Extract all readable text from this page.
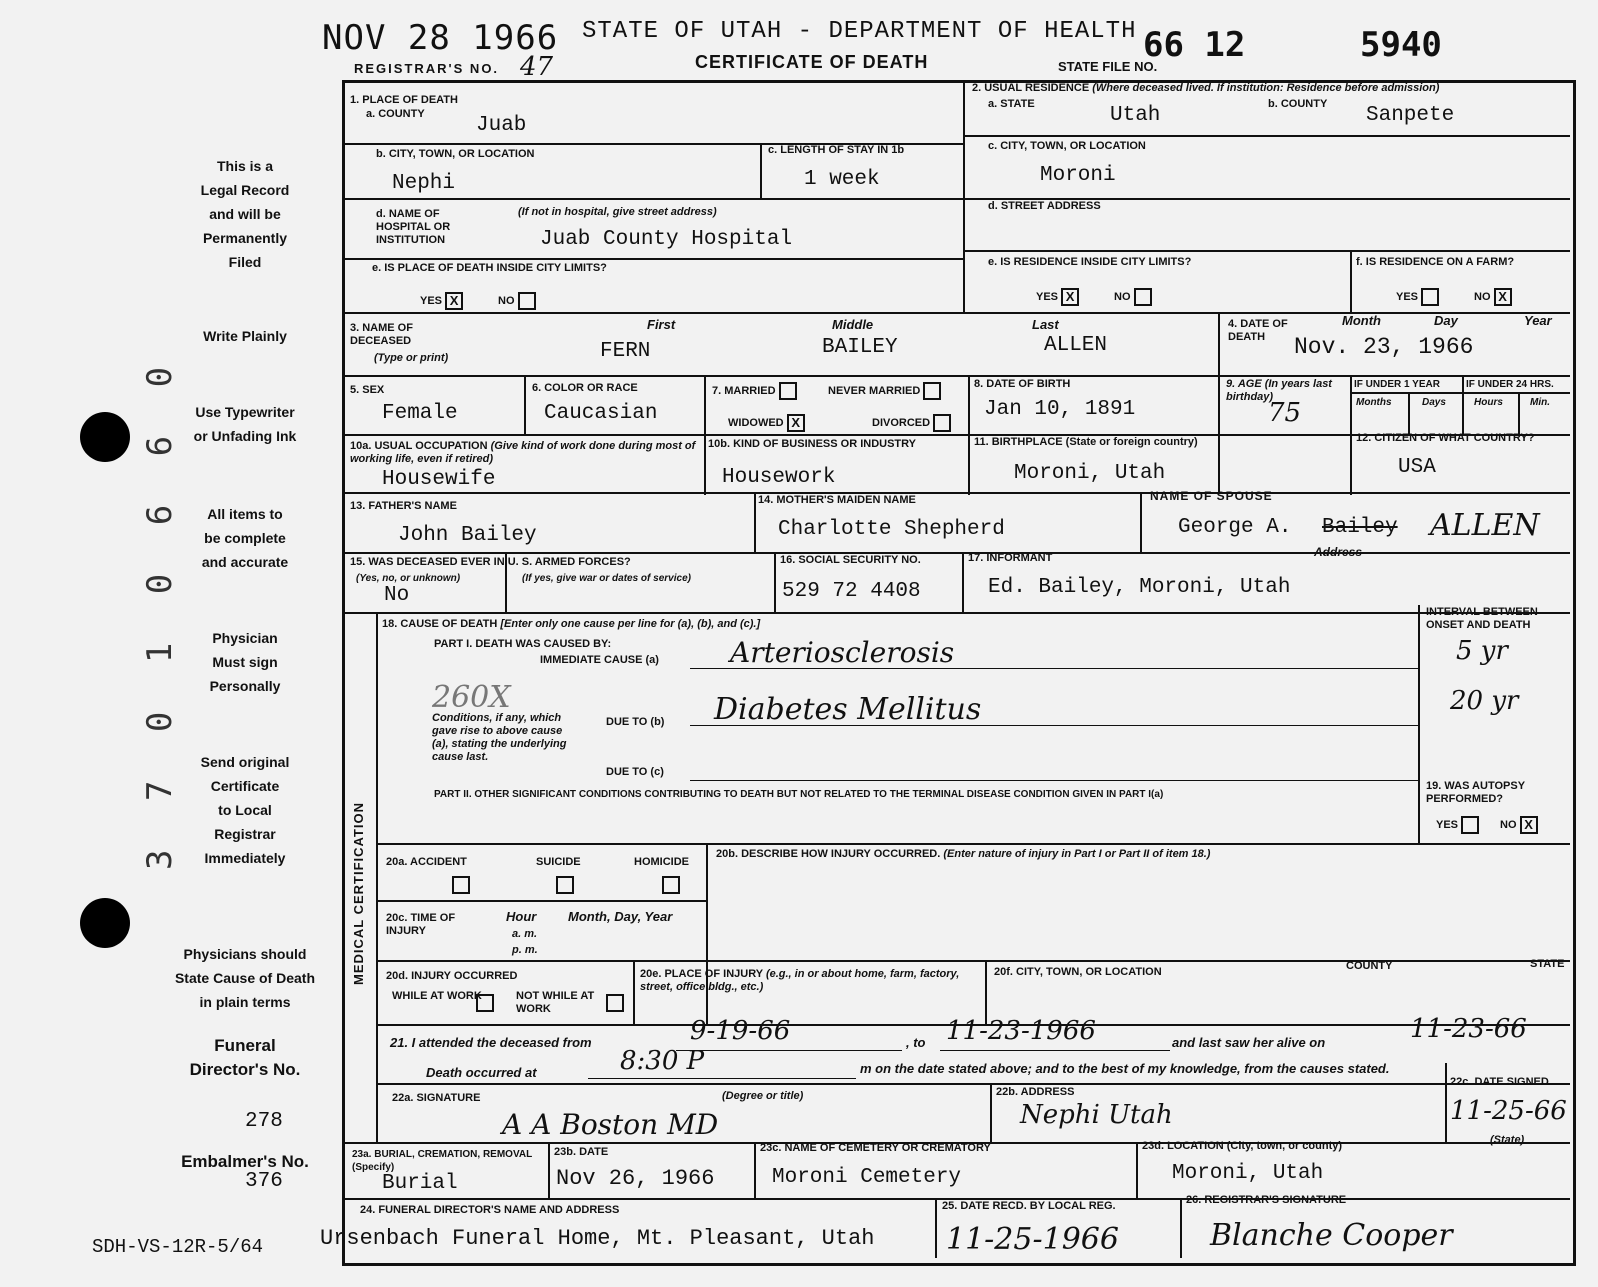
NOV 28 1966
REGISTRAR'S NO. 47
STATE OF UTAH - DEPARTMENT OF HEALTH
CERTIFICATE OF DEATH	STATE FILE NO.
66 12	5940
This is a
Legal Record
and will be
Permanently
Filed
Write Plainly
Use Typewriter
or Unfading Ink
All items to
be complete
and accurate
Physician
Must sign
Personally
Send original
Certificate
to Local
Registrar
Immediately
Physicians should
State Cause of Death
in plain terms
Funeral
Director's No.
278
Embalmer's No.
376
3 7 0 1 0 6 6 0
SDH-VS-12R-5/64
1. PLACE OF DEATH
a. COUNTY Juab
b. CITY, TOWN, OR LOCATION
Nephi
c. LENGTH OF STAY IN 1b
1 week
d. NAME OF HOSPITAL OR INSTITUTION
(If not in hospital, give street address)
Juab County Hospital
e. IS PLACE OF DEATH INSIDE CITY LIMITS?
YES X	NO
2. USUAL RESIDENCE (Where deceased lived. If institution: Residence before admission)
a. STATE	Utah	b. COUNTY Sanpete
c. CITY, TOWN, OR LOCATION
Moroni
d. STREET ADDRESS
e. IS RESIDENCE INSIDE CITY LIMITS?
YES X	NO
f. IS RESIDENCE ON A FARM?
YES	NO X
3. NAME OF DECEASED
(Type or print)
First	Middle	Last
FERN	BAILEY	ALLEN
4. DATE OF DEATH
Month	Day	Year
Nov. 23, 1966
5. SEX
Female
6. COLOR OR RACE
Caucasian
7. MARRIED	NEVER MARRIED
WIDOWED X	DIVORCED
8. DATE OF BIRTH
Jan 10, 1891
9. AGE (In years last birthday)
75
IF UNDER 1 YEAR	IF UNDER 24 HRS.
Months	Days	Hours	Min.
10a. USUAL OCCUPATION (Give kind of work done during most of working life, even if retired)
Housewife
10b. KIND OF BUSINESS OR INDUSTRY
Housework
11. BIRTHPLACE (State or foreign country)
Moroni, Utah
12. CITIZEN OF WHAT COUNTRY?
USA
13. FATHER'S NAME
John Bailey
14. MOTHER'S MAIDEN NAME
Charlotte Shepherd
NAME OF SPOUSE
George A. Bailey ALLEN
Address
15. WAS DECEASED EVER IN U. S. ARMED FORCES?
(Yes, no, or unknown)	(If yes, give war or dates of service)
No
16. SOCIAL SECURITY NO.
529 72 4408
17. INFORMANT
Ed. Bailey, Moroni, Utah
MEDICAL CERTIFICATION
18. CAUSE OF DEATH [Enter only one cause per line for (a), (b), and (c).]
PART I. DEATH WAS CAUSED BY:
IMMEDIATE CAUSE (a)	Arteriosclerosis
INTERVAL BETWEEN ONSET AND DEATH
5 yr
20 yr
260X
Conditions, if any, which gave rise to above cause (a), stating the underlying cause last.
DUE TO (b) Diabetes Mellitus
DUE TO (c)
PART II. OTHER SIGNIFICANT CONDITIONS CONTRIBUTING TO DEATH BUT NOT RELATED TO THE TERMINAL DISEASE CONDITION GIVEN IN PART I(a)
19. WAS AUTOPSY PERFORMED?
YES	NO X
20a. ACCIDENT	SUICIDE	HOMICIDE
20b. DESCRIBE HOW INJURY OCCURRED. (Enter nature of injury in Part I or Part II of item 18.)
20c. TIME OF INJURY
Hour
a. m.
p. m.
Month, Day, Year
20d. INJURY OCCURRED
WHILE AT WORK	NOT WHILE AT WORK
20e. PLACE OF INJURY (e.g., in or about home, farm, factory, street, office bldg., etc.)
20f. CITY, TOWN, OR LOCATION	COUNTY	STATE
21. I attended the deceased from	9-19-66	, to 11-23-1966	and last saw her alive on	11-23-66
Death occurred at	8:30 P	m on the date stated above; and to the best of my knowledge, from the causes stated.
22a. SIGNATURE	(Degree or title)
A A Boston MD
22b. ADDRESS
Nephi Utah
22c. DATE SIGNED
11-25-66
23a. BURIAL, CREMATION, REMOVAL (Specify)
Burial
23b. DATE
Nov 26, 1966
23c. NAME OF CEMETERY OR CREMATORY
Moroni Cemetery
23d. LOCATION (City, town, or county)	(State)
Moroni, Utah
24. FUNERAL DIRECTOR'S NAME AND ADDRESS
Ursenbach Funeral Home, Mt. Pleasant, Utah
25. DATE RECD. BY LOCAL REG.
11-25-1966
26. REGISTRAR'S SIGNATURE
Blanche Cooper
